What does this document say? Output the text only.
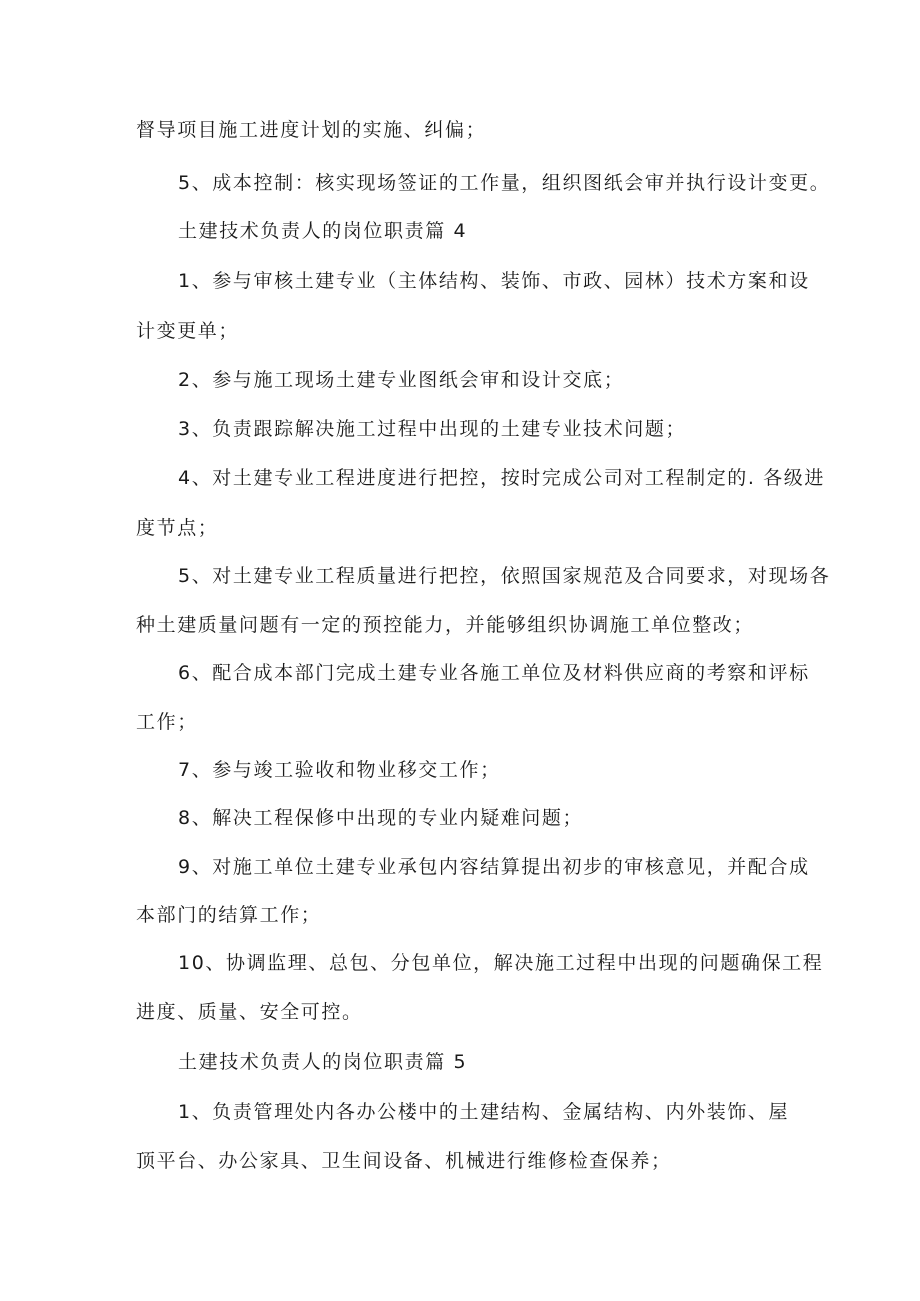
督导项目施工进度计划的实施、纠偏；
5、成本控制：核实现场签证的工作量，组织图纸会审并执行设计变更。
土建技术负责人的岗位职责篇 4
1、参与审核土建专业（主体结构、装饰、市政、园林）技术方案和设
计变更单；
2、参与施工现场土建专业图纸会审和设计交底；
3、负责跟踪解决施工过程中出现的土建专业技术问题；
4、对土建专业工程进度进行把控，按时完成公司对工程制定的. 各级进
度节点；
5、对土建专业工程质量进行把控，依照国家规范及合同要求，对现场各
种土建质量问题有一定的预控能力，并能够组织协调施工单位整改；
6、配合成本部门完成土建专业各施工单位及材料供应商的考察和评标
工作；
7、参与竣工验收和物业移交工作；
8、解决工程保修中出现的专业内疑难问题；
9、对施工单位土建专业承包内容结算提出初步的审核意见，并配合成
本部门的结算工作；
10、协调监理、总包、分包单位，解决施工过程中出现的问题确保工程
进度、质量、安全可控。
土建技术负责人的岗位职责篇 5
1、负责管理处内各办公楼中的土建结构、金属结构、内外装饰、屋
顶平台、办公家具、卫生间设备、机械进行维修检查保养；
